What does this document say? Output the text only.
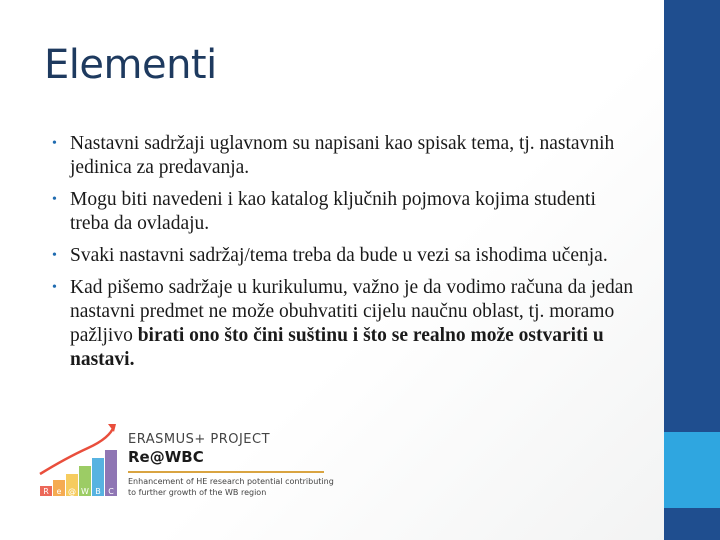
Elementi
• Nastavni sadržaji uglavnom su napisani kao spisak tema, tj. nastavnih jedinica za predavanja.
• Mogu biti navedeni i kao katalog ključnih pojmova kojima studenti treba da ovladaju.
• Svaki nastavni sadržaj/tema treba da bude u vezi sa ishodima učenja.
• Kad pišemo sadržaje u kurikulumu, važno je da vodimo računa da jedan nastavni predmet ne može obuhvatiti cijelu naučnu oblast, tj. moramo pažljivo birati ono što čini suštinu i što se realno može ostvariti u nastavi.
R e @ W B C
ERASMUS+ PROJECT
Re@WBC
Enhancement of HE research potential contributing to further growth of the WB region
